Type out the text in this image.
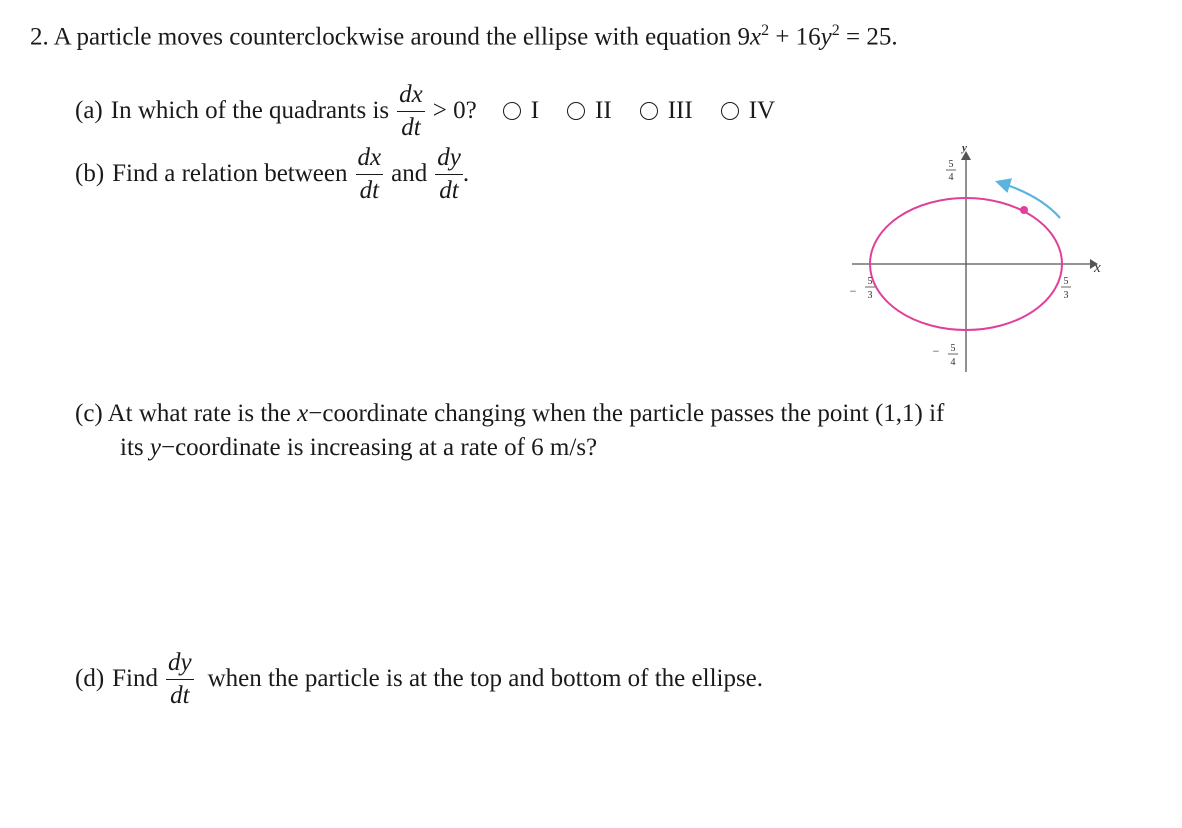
2. A particle moves counterclockwise around the ellipse with equation $9x^2 + 16y^2 = 25$.
(a) In which of the quadrants is $\frac{dx}{dt} > 0$? I II III IV
(b) Find a relation between $\frac{dx}{dt}$ and $\frac{dy}{dt}$ .
x
y
5
4
− 5
4
−
5
3
5
3
(c) At what rate is the x−coordinate changing when the particle passes the point (1,1) if
its y−coordinate is increasing at a rate of 6 m/s?
(d) Find $\frac{dy}{dt}$ when the particle is at the top and bottom of the ellipse.
